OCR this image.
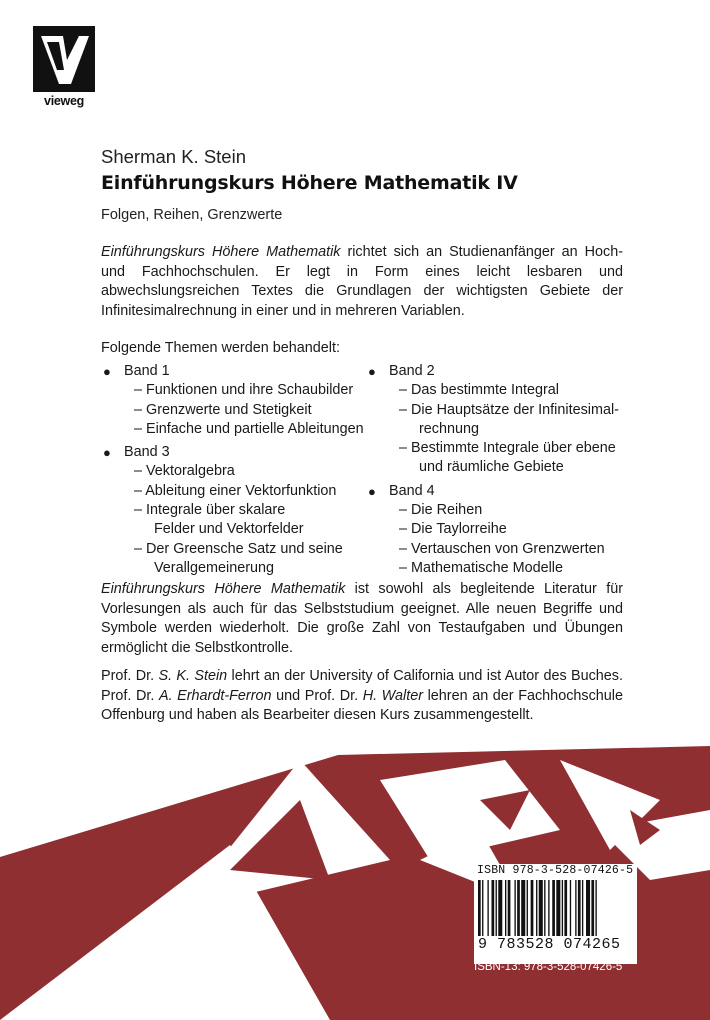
vieweg
Sherman K. Stein
Einführungskurs Höhere Mathematik IV
Folgen, Reihen, Grenzwerte
Einführungskurs Höhere Mathematik richtet sich an Studienanfänger an Hoch- und Fachhochschulen. Er legt in Form eines leicht lesbaren und abwechslungsreichen Textes die Grundlagen der wichtigsten Gebiete der Infinitesimalrechnung in einer und in mehreren Variablen.
Folgende Themen werden behandelt:
● Band 1
– Funktionen und ihre Schaubilder
– Grenzwerte und Stetigkeit
– Einfache und partielle Ableitungen
● Band 3
– Vektoralgebra
– Ableitung einer Vektorfunktion
– Integrale über skalare
Felder und Vektorfelder
– Der Greensche Satz und seine
Verallgemeinerung
● Band 2
– Das bestimmte Integral
– Die Hauptsätze der Infinitesimal-
rechnung
– Bestimmte Integrale über ebene
und räumliche Gebiete
● Band 4
– Die Reihen
– Die Taylorreihe
– Vertauschen von Grenzwerten
– Mathematische Modelle
Einführungskurs Höhere Mathematik ist sowohl als begleitende Literatur für Vorlesungen als auch für das Selbststudium geeignet. Alle neuen Begriffe und Symbole werden wiederholt. Die große Zahl von Testaufgaben und Übungen ermöglicht die Selbstkontrolle.
Prof. Dr. S. K. Stein lehrt an der University of California und ist Autor des Buches. Prof. Dr. A. Erhardt-Ferron und Prof. Dr. H. Walter lehren an der Fachhochschule Offenburg und haben als Bearbeiter diesen Kurs zusammengestellt.
ISBN 978-3-528-07426-5
9 783528 074265
ISBN-13: 978-3-528-07426-5
